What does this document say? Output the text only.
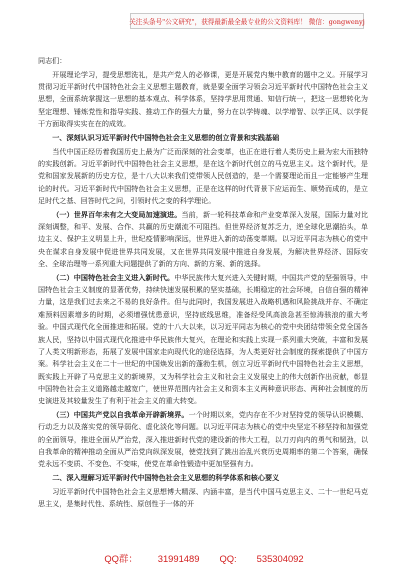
关注头条号"公文研究"，获得最新最全最专业的公文资料库！ 微信：gongwenyj

同志们：

开展理论学习，提受思想洗礼，是共产党人的必修课，更是开展党内集中教育的题中之义。开展学习贯彻习近平新时代中国特色社会主义思想主题教育，就是要全面学习领会习近平新时代中国特色社会主义思想，全面系统掌握这一思想的基本观点、科学体系，坚持学思用贯通、知信行统一，把这一思想转化为坚定理想、锤炼党性和指导实践、推动工作的强大力量，努力在以学铸魂、以学增智、以学正风、以学促干方面取得实实在在的成效。

一、深刻认识习近平新时代中国特色社会主义思想的创立背景和实践基础

当代中国正经历着我国历史上最为广泛而深刻的社会变革，也正在进行着人类历史上最为宏大而独特的实践创新。习近平新时代中国特色社会主义思想，是在这个新时代创立的马克思主义。这个新时代，是党和国家发展新的历史方位，是十八大以来我们党带领人民创造的，是一个需要理论而且一定能够产生理论的时代。习近平新时代中国特色社会主义思想，正是在这样的时代背景下应运而生、顺势而成的，是立足时代之基、回答时代之问，引领时代之变的科学理论。

（一）世界百年未有之大变局加速演进。当前，新一轮科技革命和产业变革深入发展，国际力量对比深刻调整，和平、发展、合作、共赢的历史潮流不可阻挡。但世界经济复苏乏力，逆全球化思潮抬头，单边主义、保护主义明显上升，世纪疫情影响深远，世界进入新的动荡变革期。以习近平同志为核心的党中央在谋求自身发展中促进世界共同发展，又在世界共同发展中推进自身发展，为解决世界经济、国际安全、全球治理等一系列重大问题提供了新的方向、新的方案、新的选择。

（二）中国特色社会主义进入新时代。中华民族伟大复兴进入关键时期，中国共产党的坚强领导，中国特色社会主义制度的显著优势，持续快速发展积累的坚实基础，长期稳定的社会环境，自信自强的精神力量，这是我们过去来之不易的良好条件。但与此同时，我国发展进入战略机遇和风险挑战并存、不确定难预料因素增多的时期，必须增强忧患意识，坚持底线思维，准备经受风高浪急甚至惊涛骇浪的重大考验。中国式现代化全面推进和拓展。党的十八大以来，以习近平同志为核心的党中央团结带领全党全国各族人民，坚持以中国式现代化推进中华民族伟大复兴，在理论和实践上实现一系列重大突破，丰富和发展了人类文明新形态，拓展了发展中国家走向现代化的途径选择，为人类更好社会制度的探索提供了中国方案。科学社会主义在二十一世纪的中国焕发出新的蓬勃生机，创立习近平新时代中国特色社会主义思想，既实践上开辟了马克思主义的新境界，又为科学社会主义和社会主义发展史上的伟大创新作出贡献，彰显中国特色社会主义道路越走越宽广，使世界范围内社会主义和资本主义两种意识形态、两种社会制度的历史演进及其较量发生了有利于社会主义的重大转变。

（三）中国共产党以自我革命开辟新境界。一个时期以来，党内存在不少对坚持党的领导认识模糊、行动乏力以及落实党的领导弱化、虚化淡化等问题。以习近平同志为核心的党中央坚定不移坚持和加强党的全面领导，推进全面从严治党，深入推进新时代党的建设新的伟大工程，以刀刃向内的勇气和韧劲，以自我革命的精神推动全面从严治党向纵深发展，使党找到了跳出治乱兴衰历史周期率的第二个答案，确保党永远不变质、不变色、不变味，使党在革命性锻造中更加坚强有力。

二、深入理解习近平新时代中国特色社会主义思想的科学体系和核心要义

习近平新时代中国特色社会主义思想博大精深、内涵丰富，是当代中国马克思主义、二十一世纪马克思主义，是集时代性、系统性、原创性于一体的开

QQ群： 31991489 QQ: 535304092
